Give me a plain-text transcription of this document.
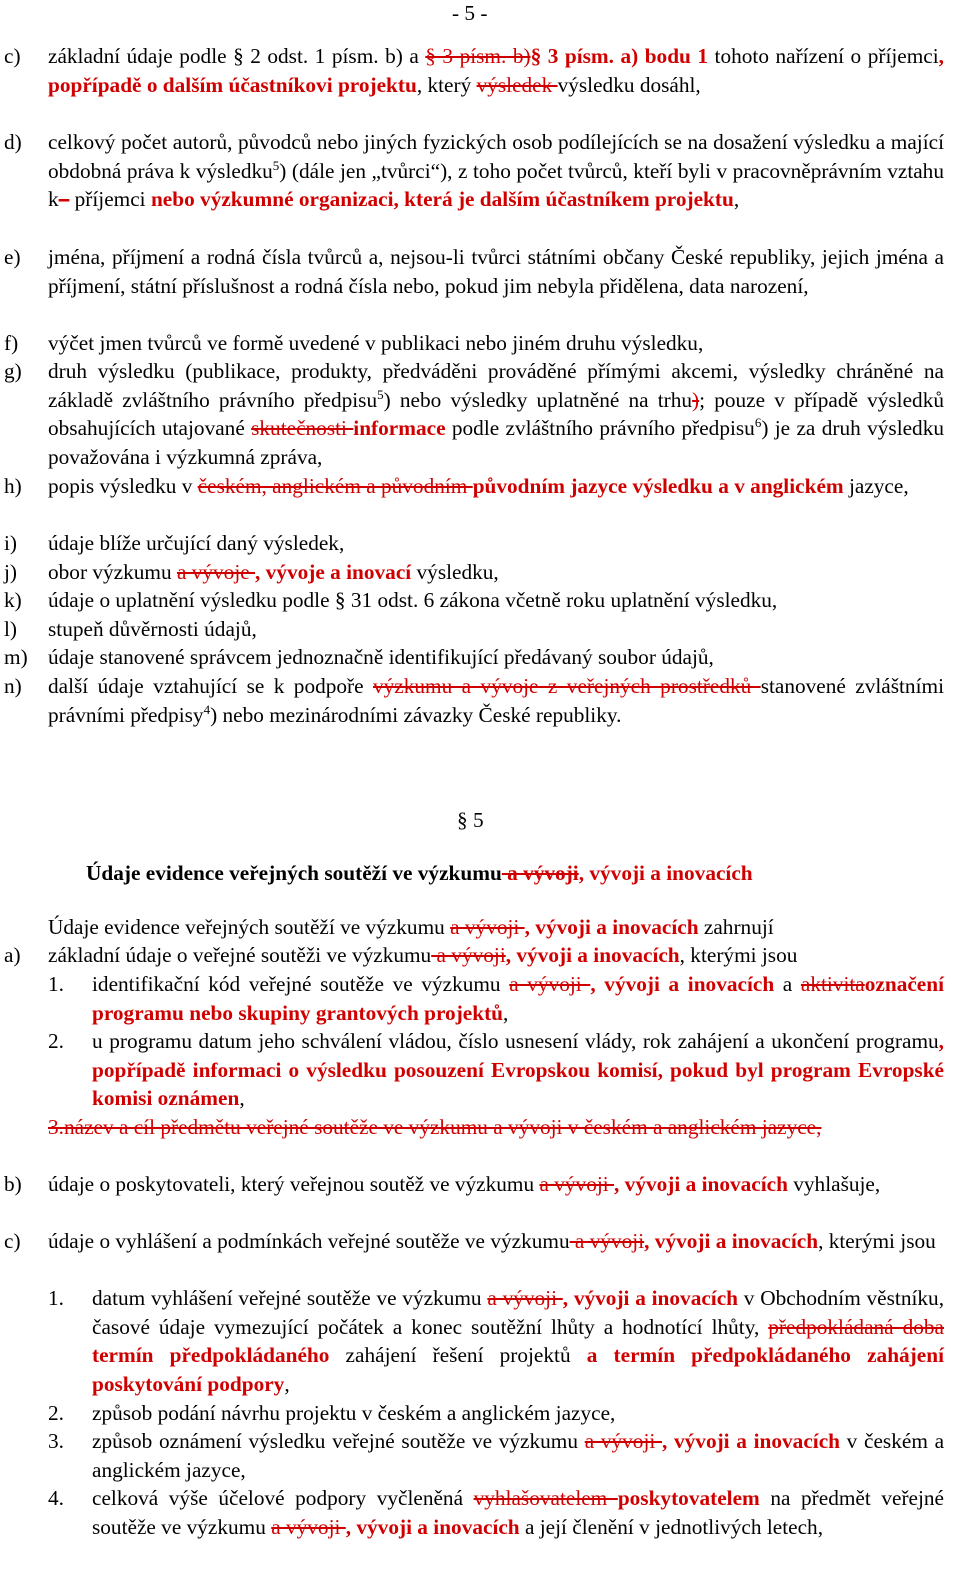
- 5 -
c) základní údaje podle § 2 odst. 1 písm. b) a § 3 písm. b)§ 3 písm. a) bodu 1 tohoto nařízení o příjemci, popřípadě o dalším účastníkovi projektu, který výsledek výsledku dosáhl,
d) celkový počet autorů, původců nebo jiných fyzických osob podílejících se na dosažení výsledku a mající obdobná práva k výsledku$^5$) (dále jen „tvůrci“), z toho počet tvůrců, kteří byli v pracovněprávním vztahu k– příjemci nebo výzkumné organizaci, která je dalším účastníkem projektu,
e) jména, příjmení a rodná čísla tvůrců a, nejsou-li tvůrci státními občany České republiky, jejich jména a příjmení, státní příslušnost a rodná čísla nebo, pokud jim nebyla přidělena, data narození,
f) výčet jmen tvůrců ve formě uvedené v publikaci nebo jiném druhu výsledku,
g) druh výsledku (publikace, produkty, předváděni prováděné přímými akcemi, výsledky chráněné na základě zvláštního právního předpisu$^5$) nebo výsledky uplatněné na trhu); pouze v případě výsledků obsahujících utajované skutečnosti informace podle zvláštního právního předpisu$^6$) je za druh výsledku považována i výzkumná zpráva,
h) popis výsledku v českém, anglickém a původním původním jazyce výsledku a v anglickém jazyce,
i) údaje blíže určující daný výsledek,
j) obor výzkumu a vývoje , vývoje a inovací výsledku,
k) údaje o uplatnění výsledku podle § 31 odst. 6 zákona včetně roku uplatnění výsledku,
l) stupeň důvěrnosti údajů,
m) údaje stanovené správcem jednoznačně identifikující předávaný soubor údajů,
n) další údaje vztahující se k podpoře výzkumu a vývoje z veřejných prostředků stanovené zvláštními právními předpisy$^4$) nebo mezinárodními závazky České republiky.
§ 5
Údaje evidence veřejných soutěží ve výzkumu a vývoji, vývoji a inovacích
Údaje evidence veřejných soutěží ve výzkumu a vývoji , vývoji a inovacích zahrnují
a) základní údaje o veřejné soutěži ve výzkumu a vývoji, vývoji a inovacích, kterými jsou
1. identifikační kód veřejné soutěže ve výzkumu a vývoji , vývoji a inovacích a aktivitaoznačení programu nebo skupiny grantových projektů,
2. u programu datum jeho schválení vládou, číslo usnesení vlády, rok zahájení a ukončení programu, popřípadě informaci o výsledku posouzení Evropskou komisí, pokud byl program Evropské komisi oznámen,
3.název a cíl předmětu veřejné soutěže ve výzkumu a vývoji v českém a anglickém jazyce,
b) údaje o poskytovateli, který veřejnou soutěž ve výzkumu a vývoji , vývoji a inovacích vyhlašuje,
c) údaje o vyhlášení a podmínkách veřejné soutěže ve výzkumu a vývoji, vývoji a inovacích, kterými jsou
1. datum vyhlášení veřejné soutěže ve výzkumu a vývoji , vývoji a inovacích v Obchodním věstníku, časové údaje vymezující počátek a konec soutěžní lhůty a hodnotící lhůty, předpokládaná doba termín předpokládaného zahájení řešení projektů a termín předpokládaného zahájení poskytování podpory,
2. způsob podání návrhu projektu v českém a anglickém jazyce,
3. způsob oznámení výsledku veřejné soutěže ve výzkumu a vývoji , vývoji a inovacích v českém a anglickém jazyce,
4. celková výše účelové podpory vyčleněná vyhlašovatelem poskytovatelem na předmět veřejné soutěže ve výzkumu a vývoji , vývoji a inovacích a její členění v jednotlivých letech,
